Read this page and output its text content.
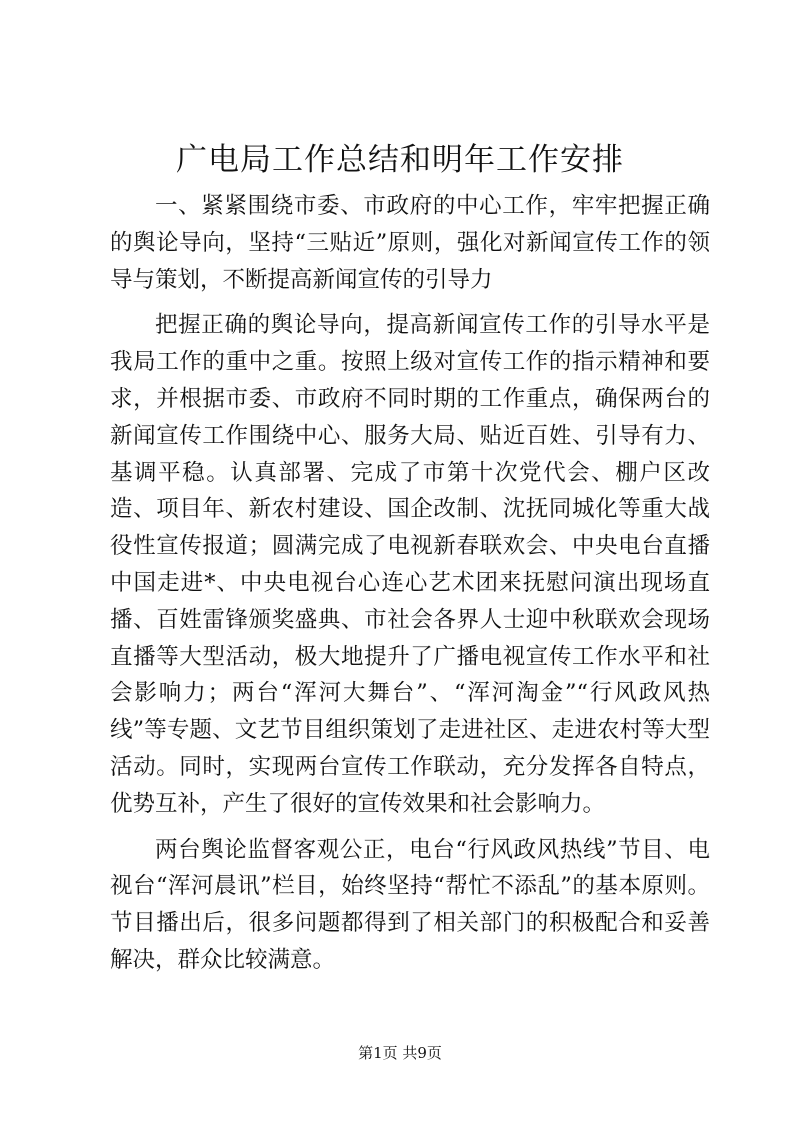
广电局工作总结和明年工作安排

一、紧紧围绕市委、市政府的中心工作，牢牢把握正确的舆论导向，坚持“三贴近”原则，强化对新闻宣传工作的领导与策划，不断提高新闻宣传的引导力

把握正确的舆论导向，提高新闻宣传工作的引导水平是我局工作的重中之重。按照上级对宣传工作的指示精神和要求，并根据市委、市政府不同时期的工作重点，确保两台的新闻宣传工作围绕中心、服务大局、贴近百姓、引导有力、基调平稳。认真部署、完成了市第十次党代会、棚户区改造、项目年、新农村建设、国企改制、沈抚同城化等重大战役性宣传报道；圆满完成了电视新春联欢会、中央电台直播中国走进*、中央电视台心连心艺术团来抚慰问演出现场直播、百姓雷锋颁奖盛典、市社会各界人士迎中秋联欢会现场直播等大型活动，极大地提升了广播电视宣传工作水平和社会影响力；两台“浑河大舞台”、“浑河淘金”“行风政风热线”等专题、文艺节目组织策划了走进社区、走进农村等大型活动。同时，实现两台宣传工作联动，充分发挥各自特点，优势互补，产生了很好的宣传效果和社会影响力。

两台舆论监督客观公正，电台“行风政风热线”节目、电视台“浑河晨讯”栏目，始终坚持“帮忙不添乱”的基本原则。节目播出后，很多问题都得到了相关部门的积极配合和妥善解决，群众比较满意。

第1页 共9页
